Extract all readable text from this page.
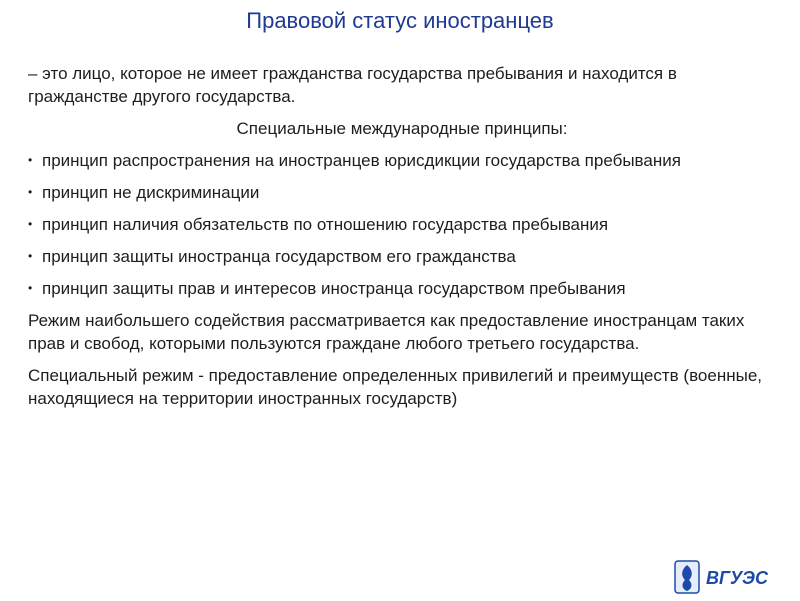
Правовой статус иностранцев

– это лицо, которое не имеет гражданства государства пребывания и находится в гражданстве другого государства.

Специальные международные принципы:

• принцип распространения на иностранцев юрисдикции государства пребывания
• принцип не дискриминации
• принцип наличия обязательств по отношению государства пребывания
• принцип защиты иностранца государством его гражданства
• принцип защиты прав и интересов иностранца государством пребывания

Режим наибольшего содействия рассматривается как предоставление иностранцам таких прав и свобод, которыми пользуются граждане любого третьего государства.

Специальный режим - предоставление определенных привилегий и преимуществ (военные, находящиеся на территории иностранных государств)

ВГУЭС
